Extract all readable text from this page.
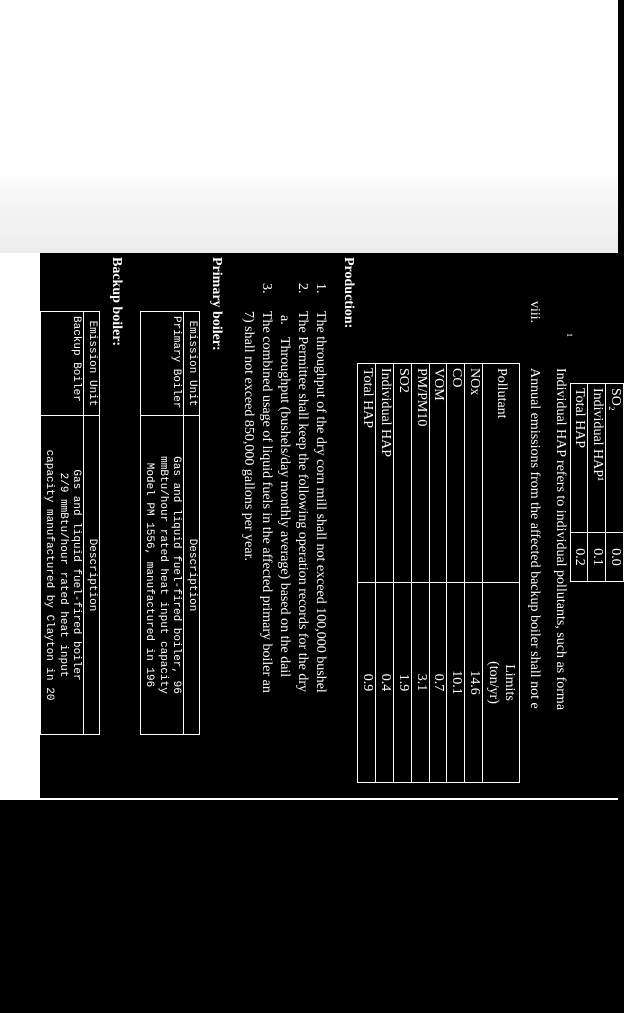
SO₂	0.0
Individual HAP¹	0.1
Total HAP	0.2
1
Individual HAP refers to individual pollutants, such as forma
viii.
Annual emissions from the affected backup boiler shall not e
Pollutant	Limits
(ton/yr)

NOx	14.6
CO	10.1
VOM	0.7
PM/PM10	3.1
SO2	1.9
Individual HAP	0.4
Total HAP	0.9
Production:
1.
The throughput of the dry corn mill shall not exceed 100,000 bushel
2.
The Permittee shall keep the following operation records for the dry
a.
Throughput (bushels/day monthly average) based on the dail
3.
The combined usage of liquid fuels in the affected primary boiler an
7) shall not exceed 850,000 gallons per year.
Primary boiler:
Emission Unit	Description
Primary Boiler	Gas and liquid fuel-fired boiler, 96
mmBtu/hour rated heat input capacity
Model PM 1556, manufactured in 196
Backup boiler:
Emission Unit	Description
Backup Boiler	Gas and liquid fuel-fired boiler
2/9 mmBtu/hour rated heat input
capacity manufactured by Clayton in 20
